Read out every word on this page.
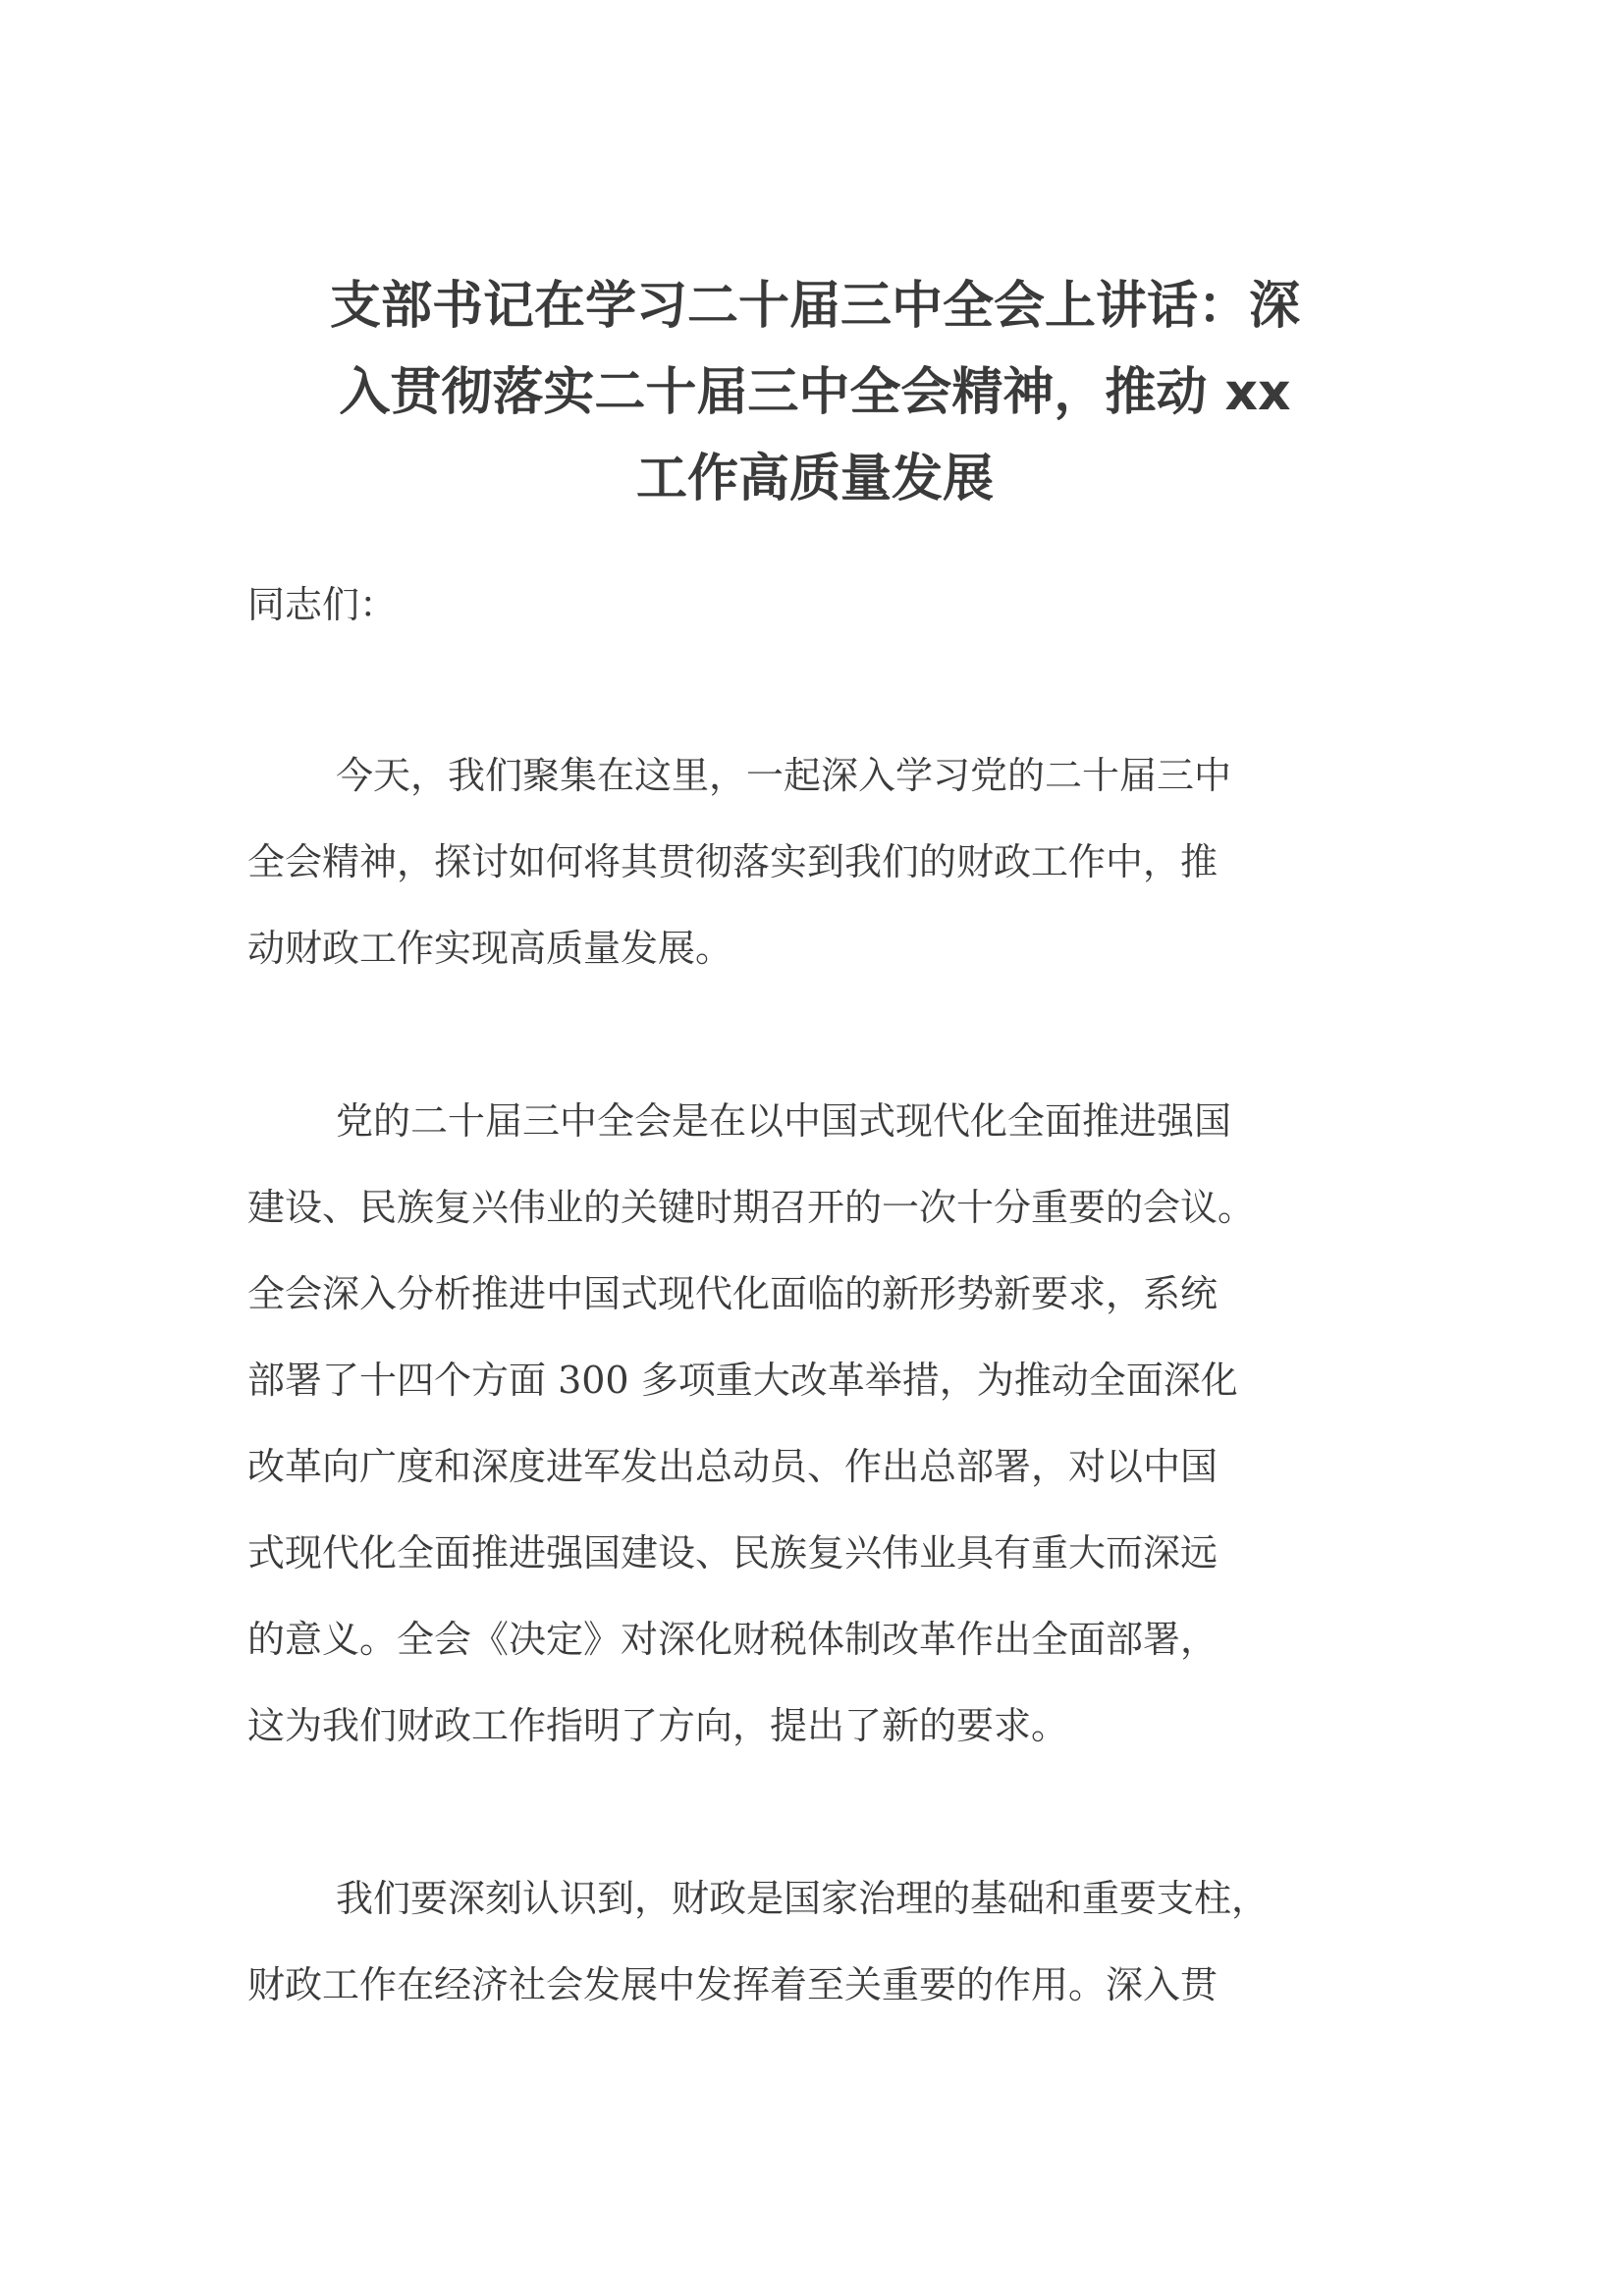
支部书记在学习二十届三中全会上讲话：深
入贯彻落实二十届三中全会精神，推动 xx
工作高质量发展

同志们：

今天，我们聚集在这里，一起深入学习党的二十届三中
全会精神，探讨如何将其贯彻落实到我们的财政工作中，推
动财政工作实现高质量发展。

党的二十届三中全会是在以中国式现代化全面推进强国
建设、民族复兴伟业的关键时期召开的一次十分重要的会议。
全会深入分析推进中国式现代化面临的新形势新要求，系统
部署了十四个方面 300 多项重大改革举措，为推动全面深化
改革向广度和深度进军发出总动员、作出总部署，对以中国
式现代化全面推进强国建设、民族复兴伟业具有重大而深远
的意义。全会《决定》对深化财税体制改革作出全面部署，
这为我们财政工作指明了方向，提出了新的要求。

我们要深刻认识到，财政是国家治理的基础和重要支柱，
财政工作在经济社会发展中发挥着至关重要的作用。深入贯
